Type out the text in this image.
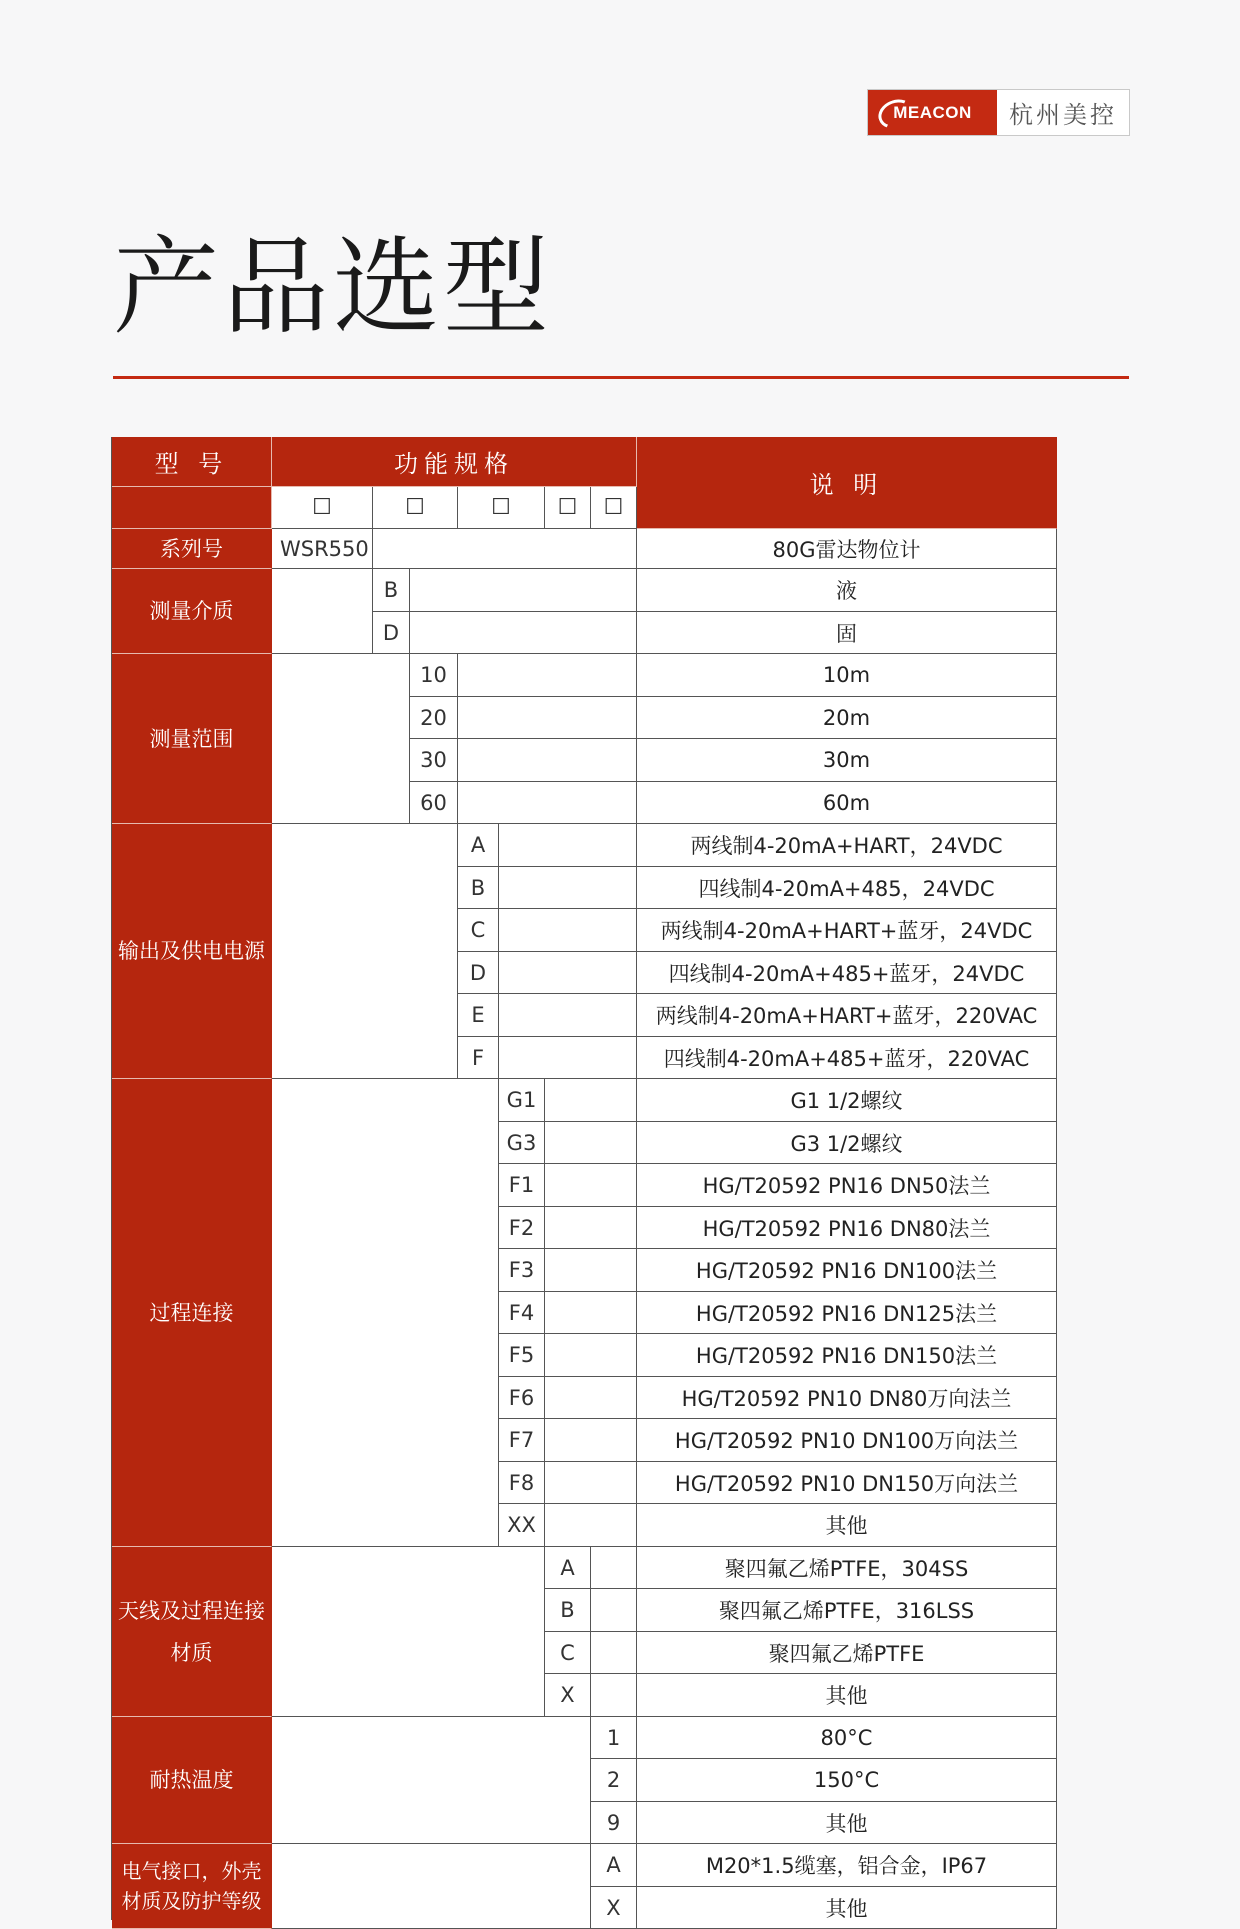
MEACON	杭州美控
产品选型
型 号	功能规格
说 明
☐	☐	☐	☐	☐
系列号	WSR550	80G雷达物位计
测量介质
B	液
D	固
测量范围
10	10m
20	20m
30	30m
60	60m
输出及供电电源
A	两线制4-20mA+HART，24VDC
B	四线制4-20mA+485，24VDC
C	两线制4-20mA+HART+蓝牙，24VDC
D	四线制4-20mA+485+蓝牙，24VDC
E	两线制4-20mA+HART+蓝牙，220VAC
F	四线制4-20mA+485+蓝牙，220VAC
过程连接
G1	G1 1/2螺纹
G3	G3 1/2螺纹
F1	HG/T20592 PN16 DN50法兰
F2	HG/T20592 PN16 DN80法兰
F3	HG/T20592 PN16 DN100法兰
F4	HG/T20592 PN16 DN125法兰
F5	HG/T20592 PN16 DN150法兰
F6	HG/T20592 PN10 DN80万向法兰
F7	HG/T20592 PN10 DN100万向法兰
F8	HG/T20592 PN10 DN150万向法兰
XX	其他
天线及过程连接材质
A	聚四氟乙烯PTFE，304SS
B	聚四氟乙烯PTFE，316LSS
C	聚四氟乙烯PTFE
X	其他
耐热温度
1	80°C
2	150°C
9	其他
电气接口，外壳材质及防护等级
A	M20*1.5缆塞，铝合金，IP67
X	其他
